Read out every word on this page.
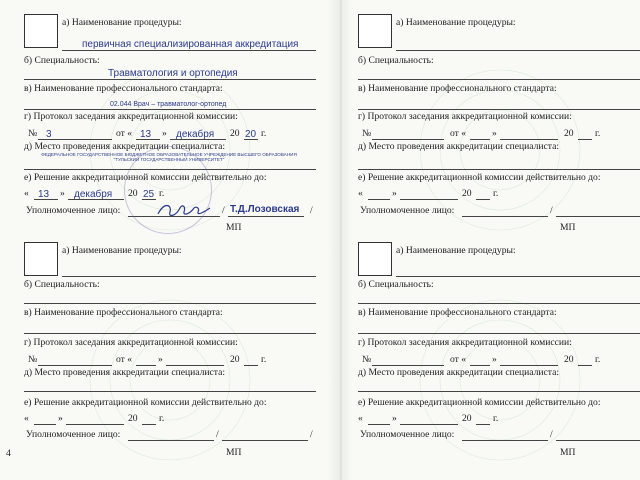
а) Наименование процедуры:
первичная специализированная аккредитация
б) Специальность:
Травматология и ортопедия
в) Наименование профессионального стандарта:
02.044 Врач – травматолог-ортопед
г) Протокол заседания аккредитационной комиссии:
№ 3	от « 13 » декабря 20 20 г.
д) Место проведения аккредитации специалиста:
ФЕДЕРАЛЬНОЕ ГОСУДАРСТВЕННОЕ БЮДЖЕТНОЕ ОБРАЗОВАТЕЛЬНОЕ УЧРЕЖДЕНИЕ ВЫСШЕГО ОБРАЗОВАНИЯ "ТУЛЬСКИЙ ГОСУДАРСТВЕННЫЙ УНИВЕРСИТЕТ"
е) Решение аккредитационной комиссии действительно до:
« 13 » декабря 20 25 г.
Уполномоченное лицо:	/ Т.Д.Лозовская /
МП
а) Наименование процедуры:
б) Специальность:
в) Наименование профессионального стандарта:
г) Протокол заседания аккредитационной комиссии:
№	от «	»	20 г.
д) Место проведения аккредитации специалиста:
е) Решение аккредитационной комиссии действительно до:
«	»	20 г.
Уполномоченное лицо:	/
МП
а) Наименование процедуры:
б) Специальность:
в) Наименование профессионального стандарта:
г) Протокол заседания аккредитационной комиссии:
№	от «	»	20 г.
д) Место проведения аккредитации специалиста:
е) Решение аккредитационной комиссии действительно до:
«	»	20 г.
Уполномоченное лицо:	/	/
МП
а) Наименование процедуры:
б) Специальность:
в) Наименование профессионального стандарта:
г) Протокол заседания аккредитационной комиссии:
№	от «	»	20 г.
д) Место проведения аккредитации специалиста:
е) Решение аккредитационной комиссии действительно до:
«	»	20 г.
Уполномоченное лицо:	/
МП
4
